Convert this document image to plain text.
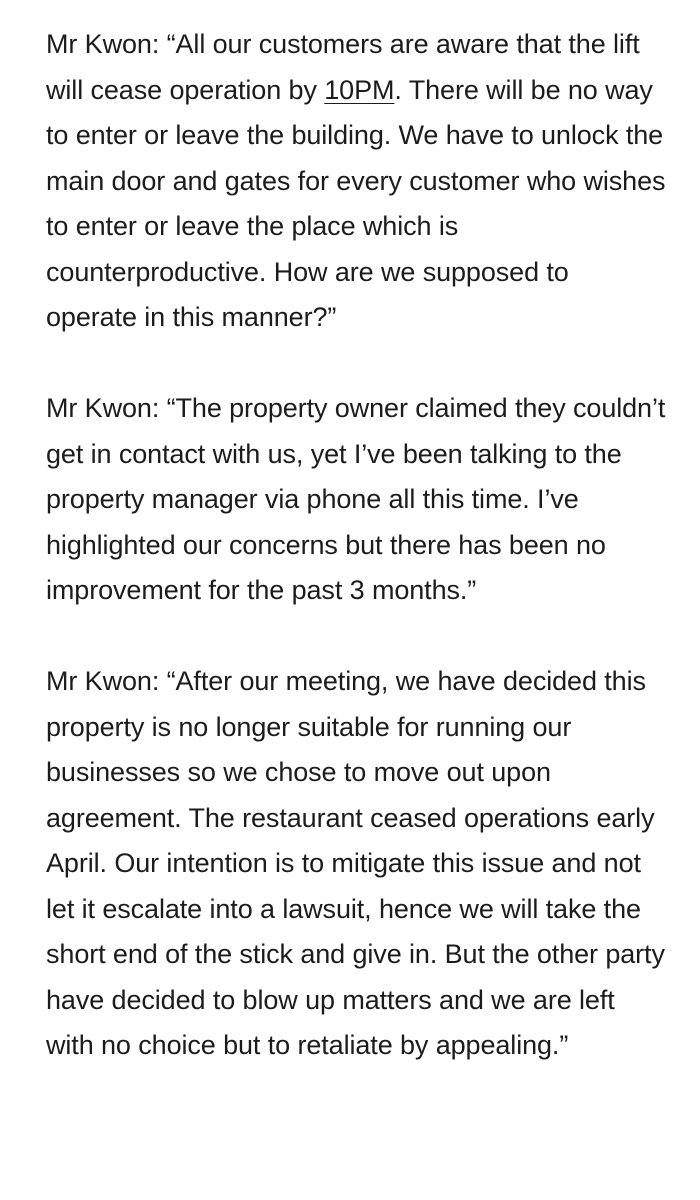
Mr Kwon: “All our customers are aware that the lift will cease operation by 10PM. There will be no way to enter or leave the building. We have to unlock the main door and gates for every customer who wishes to enter or leave the place which is counterproductive. How are we supposed to operate in this manner?”

Mr Kwon: “The property owner claimed they couldn’t get in contact with us, yet I’ve been talking to the property manager via phone all this time. I’ve highlighted our concerns but there has been no improvement for the past 3 months.”

Mr Kwon: “After our meeting, we have decided this property is no longer suitable for running our businesses so we chose to move out upon agreement. The restaurant ceased operations early April. Our intention is to mitigate this issue and not let it escalate into a lawsuit, hence we will take the short end of the stick and give in. But the other party have decided to blow up matters and we are left with no choice but to retaliate by appealing.”
